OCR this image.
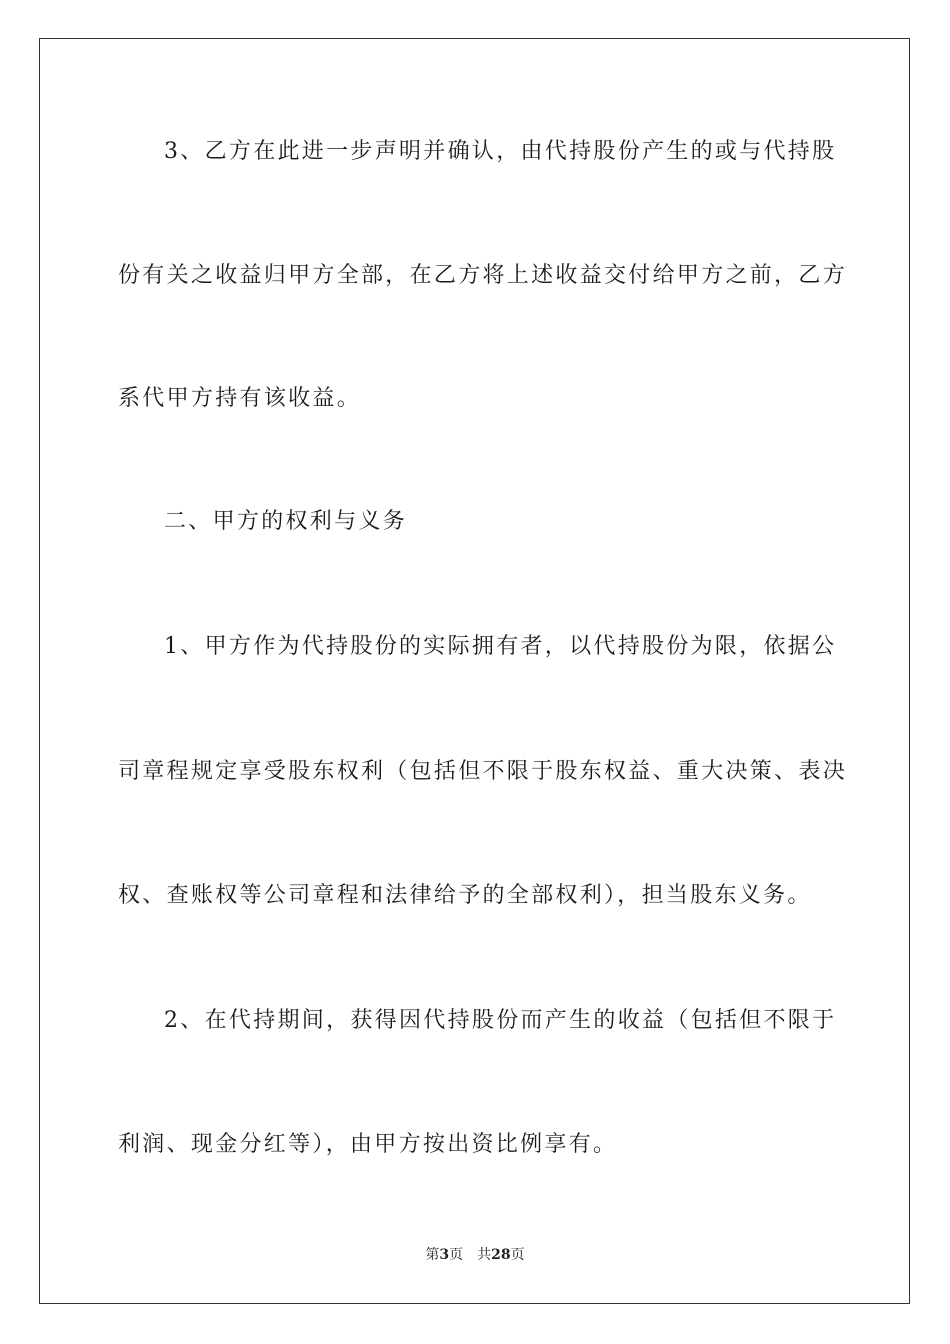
3、乙方在此进一步声明并确认，由代持股份产生的或与代持股
份有关之收益归甲方全部，在乙方将上述收益交付给甲方之前，乙方
系代甲方持有该收益。
二、甲方的权利与义务
1、甲方作为代持股份的实际拥有者，以代持股份为限，依据公
司章程规定享受股东权利（包括但不限于股东权益、重大决策、表决
权、查账权等公司章程和法律给予的全部权利），担当股东义务。
2、在代持期间，获得因代持股份而产生的收益（包括但不限于
利润、现金分红等），由甲方按出资比例享有。
第3页 共28页
